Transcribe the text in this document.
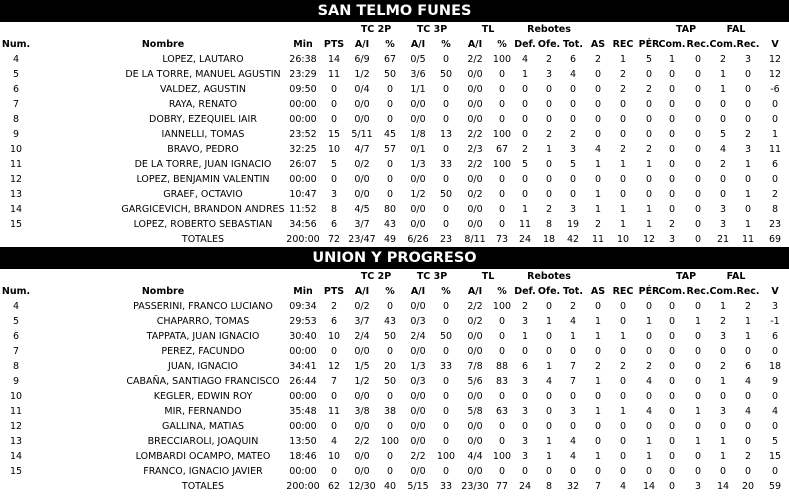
SAN TELMO FUNES
TC 2P	TC 3P	TL	Rebotes	TAP	FAL
Num.	Nombre	Min PTS A/I % A/I % A/I % Def. Ofe. Tot. AS REC PÉR Com. Rec. Com. Rec. V
4	LOPEZ, LAUTARO	26:38 14 6/9 67 0/5 0 2/2 100 4 2 6 2 1 5 1 0 2 3 12
5	DE LA TORRE, MANUEL AGUSTIN 23:29 11 1/2 50 3/6 50 0/0 0 1 3 4 0 2 0 0 0 1 0 12
6	VALDEZ, AGUSTIN	09:50 0 0/4 0 1/1 0 0/0 0 0 0 0 0 2 2 0 0 1 0 -6
7	RAYA, RENATO	00:00 0 0/0 0 0/0 0 0/0 0 0 0 0 0 0 0 0 0 0 0 0
8	DOBRY, EZEQUIEL IAIR	00:00 0 0/0 0 0/0 0 0/0 0 0 0 0 0 0 0 0 0 0 0 0
9	IANNELLI, TOMAS	23:52 15 5/11 45 1/8 13 2/2 100 0 2 2 0 0 0 0 0 5 2 1
10	BRAVO, PEDRO	32:25 10 4/7 57 0/1 0 2/3 67 2 1 3 4 2 2 0 0 4 3 11
11	DE LA TORRE, JUAN IGNACIO	26:07 5 0/2 0 1/3 33 2/2 100 5 0 5 1 1 1 0 0 2 1 6
12	LOPEZ, BENJAMIN VALENTIN	00:00 0 0/0 0 0/0 0 0/0 0 0 0 0 0 0 0 0 0 0 0 0
13	GRAEF, OCTAVIO	10:47 3 0/0 0 1/2 50 0/2 0 0 0 0 1 0 0 0 0 0 1 2
14	GARGICEVICH, BRANDON ANDRES 11:52 8 4/5 80 0/0 0 0/0 0 1 2 3 1 1 1 0 0 3 0 8
15	LOPEZ, ROBERTO SEBASTIAN	34:56 6 3/7 43 0/0 0 0/0 0 11 8 19 2 1 1 2 0 3 1 23
TOTALES	200:00 72 23/47 49 6/26 23 8/11 73 24 18 42 11 10 12 3 0 21 11 69
UNION Y PROGRESO
TC 2P	TC 3P	TL	Rebotes	TAP	FAL
Num.	Nombre	Min PTS A/I % A/I % A/I % Def. Ofe. Tot. AS REC PÉR Com. Rec. Com. Rec. V
4	PASSERINI, FRANCO LUCIANO	09:34 2 0/2 0 0/0 0 2/2 100 2 0 2 0 0 0 0 0 1 2 3
5	CHAPARRO, TOMAS	29:53 6 3/7 43 0/3 0 0/2 0 3 1 4 1 0 1 0 1 2 1 -1
6	TAPPATA, JUAN IGNACIO	30:40 10 2/4 50 2/4 50 0/0 0 1 0 1 1 1 0 0 0 3 1 6
7	PEREZ, FACUNDO	00:00 0 0/0 0 0/0 0 0/0 0 0 0 0 0 0 0 0 0 0 0 0
8	JUAN, IGNACIO	34:41 12 1/5 20 1/3 33 7/8 88 6 1 7 2 2 2 0 0 2 6 18
9	CABAÑA, SANTIAGO FRANCISCO	26:44 7 1/2 50 0/3 0 5/6 83 3 4 7 1 0 4 0 0 1 4 9
10	KEGLER, EDWIN ROY	00:00 0 0/0 0 0/0 0 0/0 0 0 0 0 0 0 0 0 0 0 0 0
11	MIR, FERNANDO	35:48 11 3/8 38 0/0 0 5/8 63 3 0 3 1 1 4 0 1 3 4 4
12	GALLINA, MATIAS	00:00 0 0/0 0 0/0 0 0/0 0 0 0 0 0 0 0 0 0 0 0 0
13	BRECCIAROLI, JOAQUIN	13:50 4 2/2 100 0/0 0 0/0 0 3 1 4 0 0 1 0 1 1 0 5
14	LOMBARDI OCAMPO, MATEO	18:46 10 0/0 0 2/2 100 4/4 100 3 1 4 1 0 1 0 0 1 2 15
15	FRANCO, IGNACIO JAVIER	00:00 0 0/0 0 0/0 0 0/0 0 0 0 0 0 0 0 0 0 0 0 0
TOTALES	200:00 62 12/30 40 5/15 33 23/30 77 24 8 32 7 4 14 0 3 14 20 59
